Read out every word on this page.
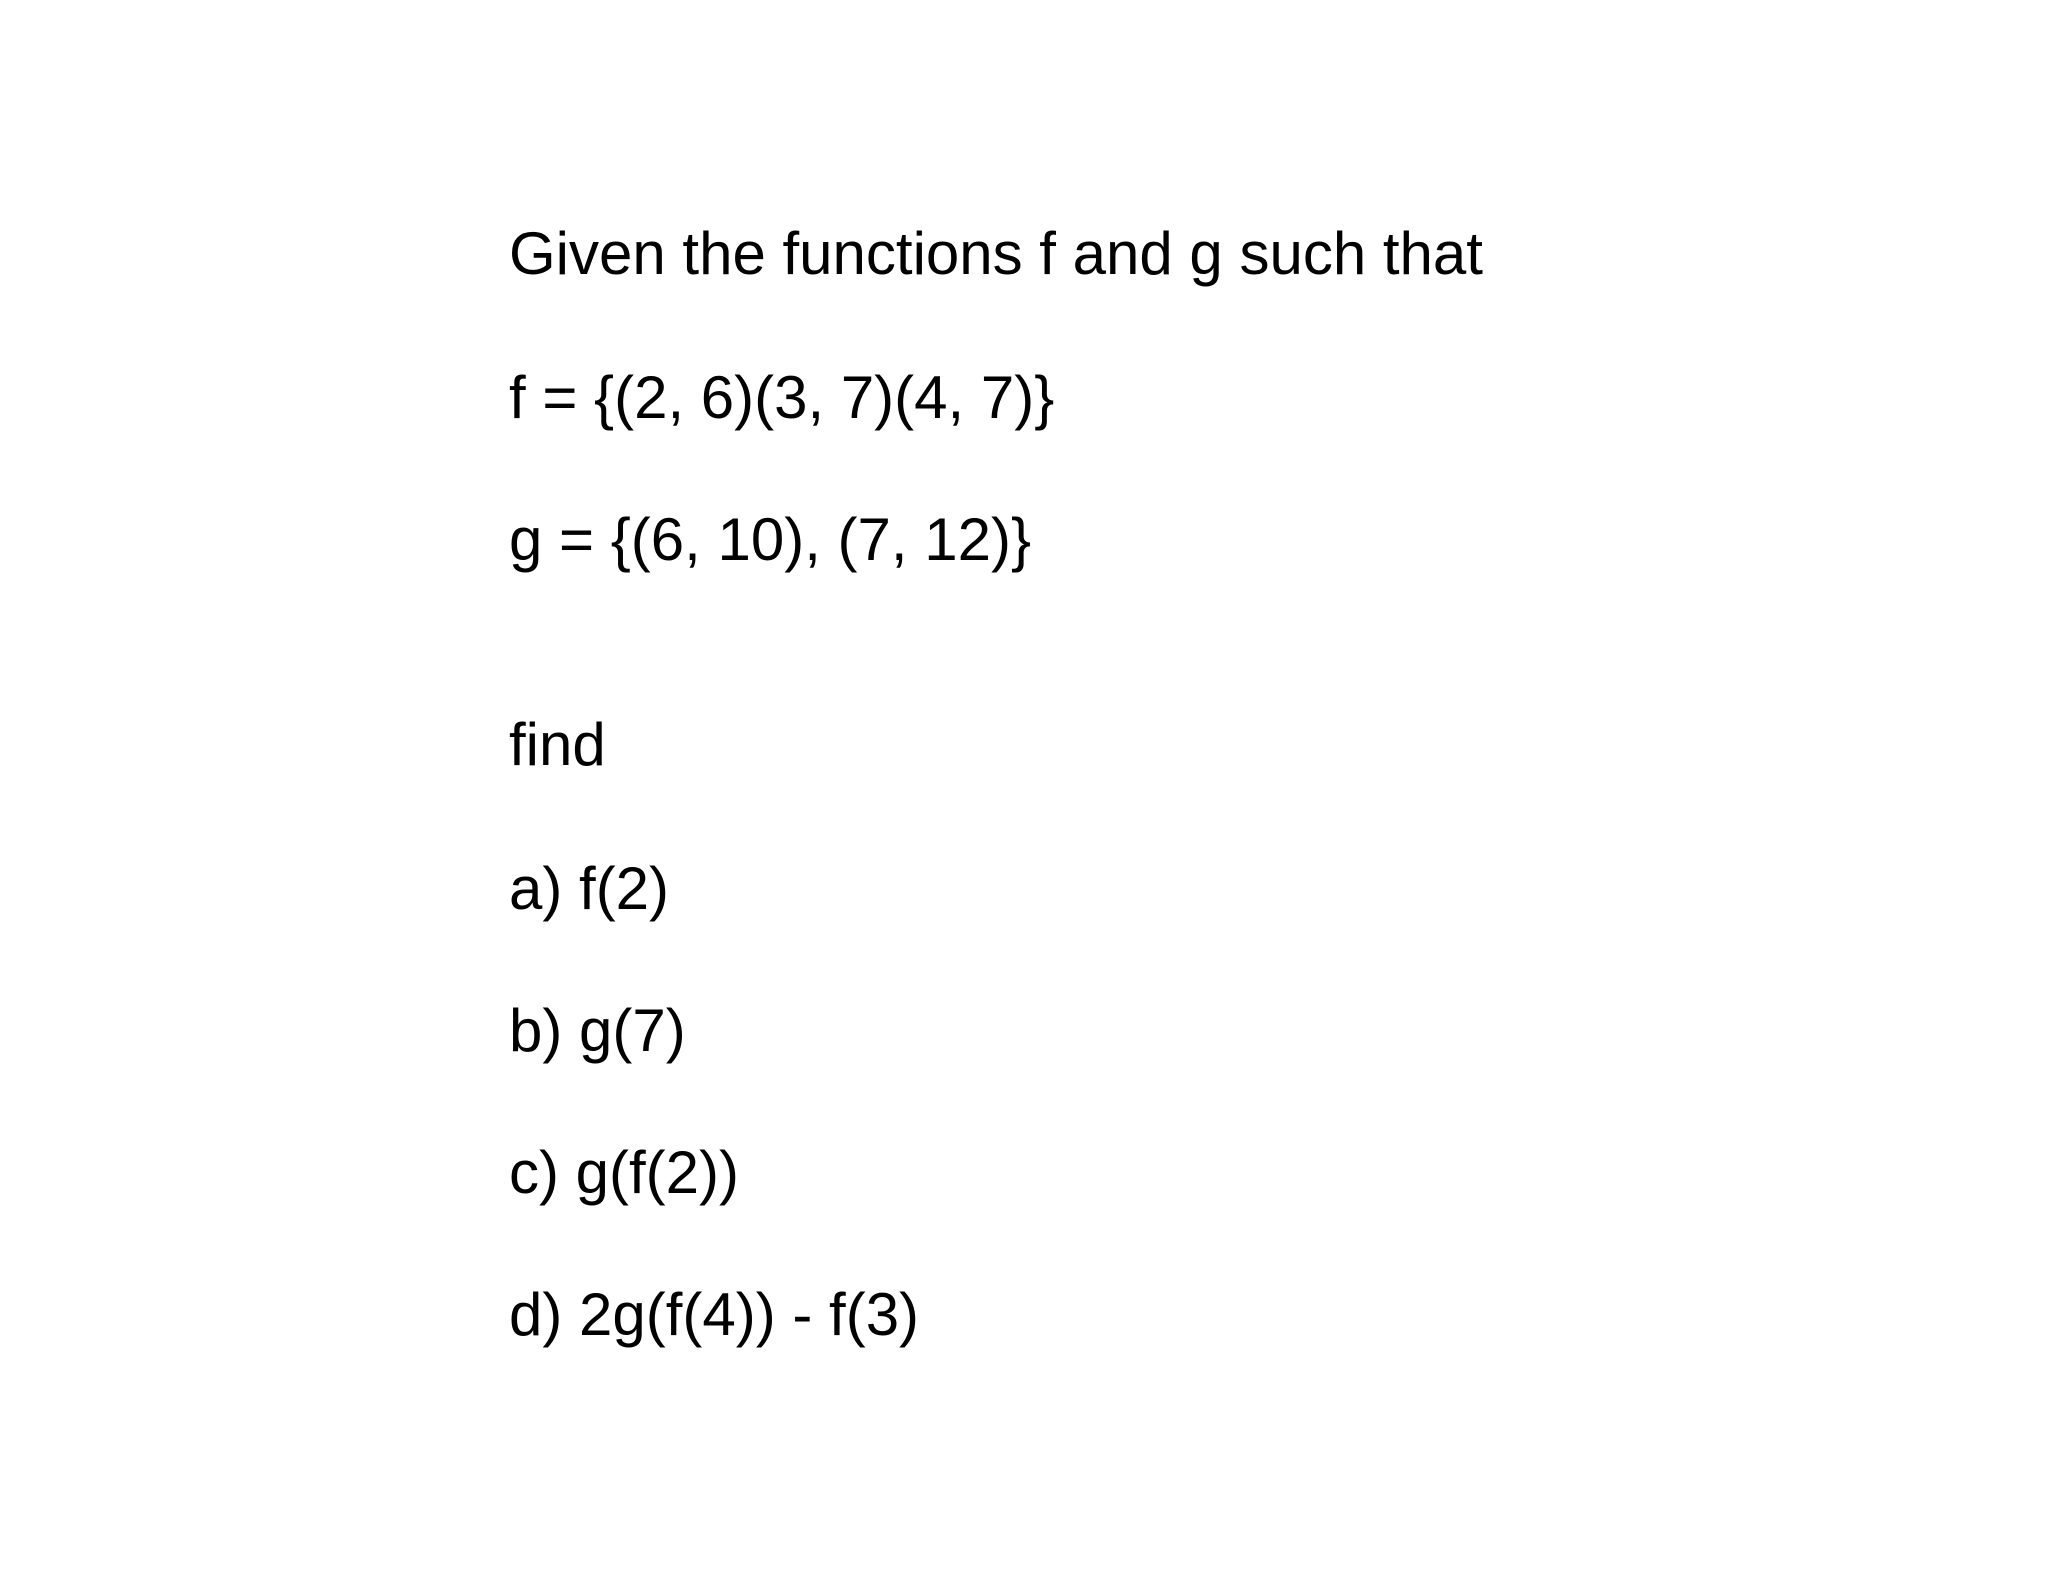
Given the functions f and g such that

f = {(2, 6)(3, 7)(4, 7)}

g = {(6, 10), (7, 12)}

find

a) f(2)

b) g(7)

c) g(f(2))

d) 2g(f(4)) - f(3)
